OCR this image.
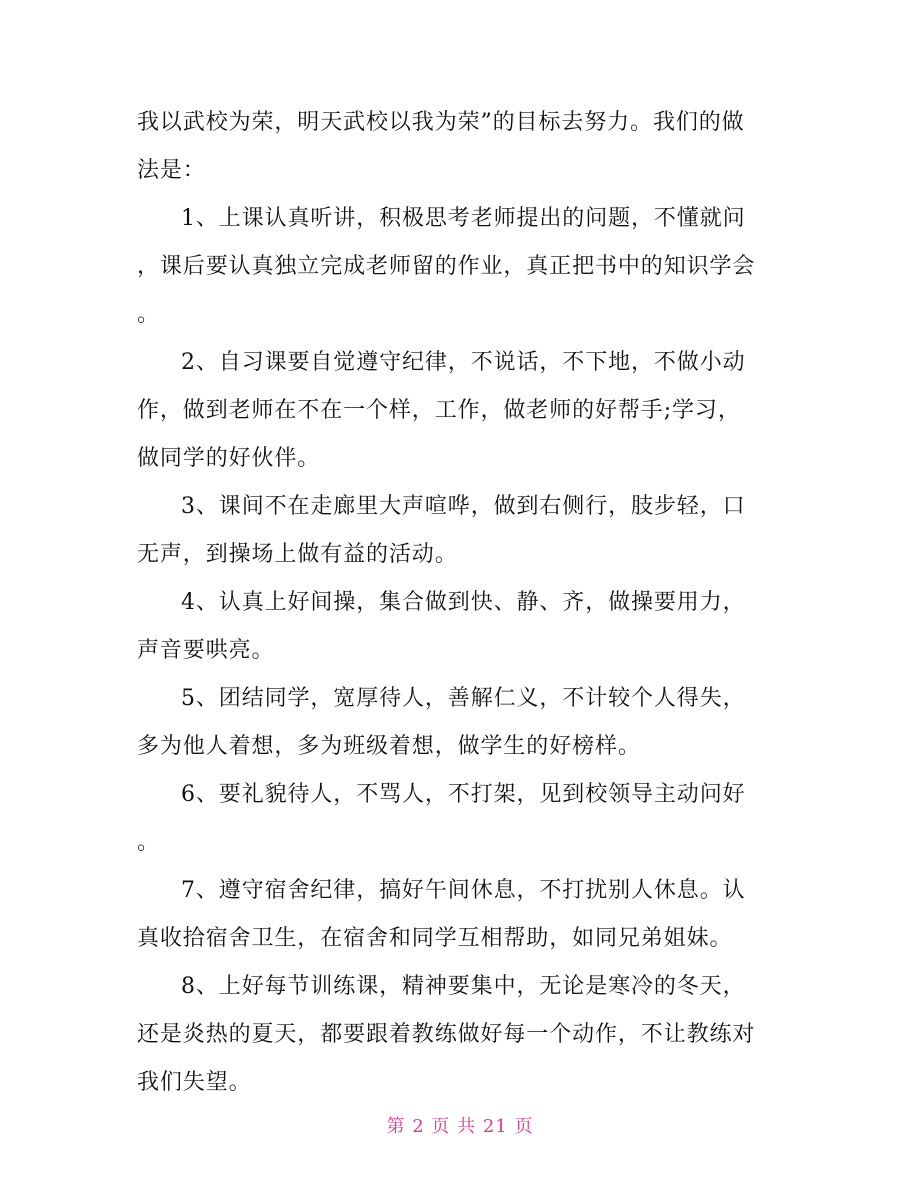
我以武校为荣，明天武校以我为荣”的目标去努力。我们的做

法是：

1、上课认真听讲，积极思考老师提出的问题，不懂就问

，课后要认真独立完成老师留的作业，真正把书中的知识学会

。

2、自习课要自觉遵守纪律，不说话，不下地，不做小动

作，做到老师在不在一个样，工作，做老师的好帮手;学习，

做同学的好伙伴。

3、课间不在走廊里大声喧哗，做到右侧行，肢步轻，口

无声，到操场上做有益的活动。

4、认真上好间操，集合做到快、静、齐，做操要用力，

声音要哄亮。

5、团结同学，宽厚待人，善解仁义，不计较个人得失，

多为他人着想，多为班级着想，做学生的好榜样。

6、要礼貌待人，不骂人，不打架，见到校领导主动问好

。

7、遵守宿舍纪律，搞好午间休息，不打扰别人休息。认

真收拾宿舍卫生，在宿舍和同学互相帮助，如同兄弟姐妹。

8、上好每节训练课，精神要集中，无论是寒冷的冬天，

还是炎热的夏天，都要跟着教练做好每一个动作，不让教练对

我们失望。

第 2 页 共 21 页
